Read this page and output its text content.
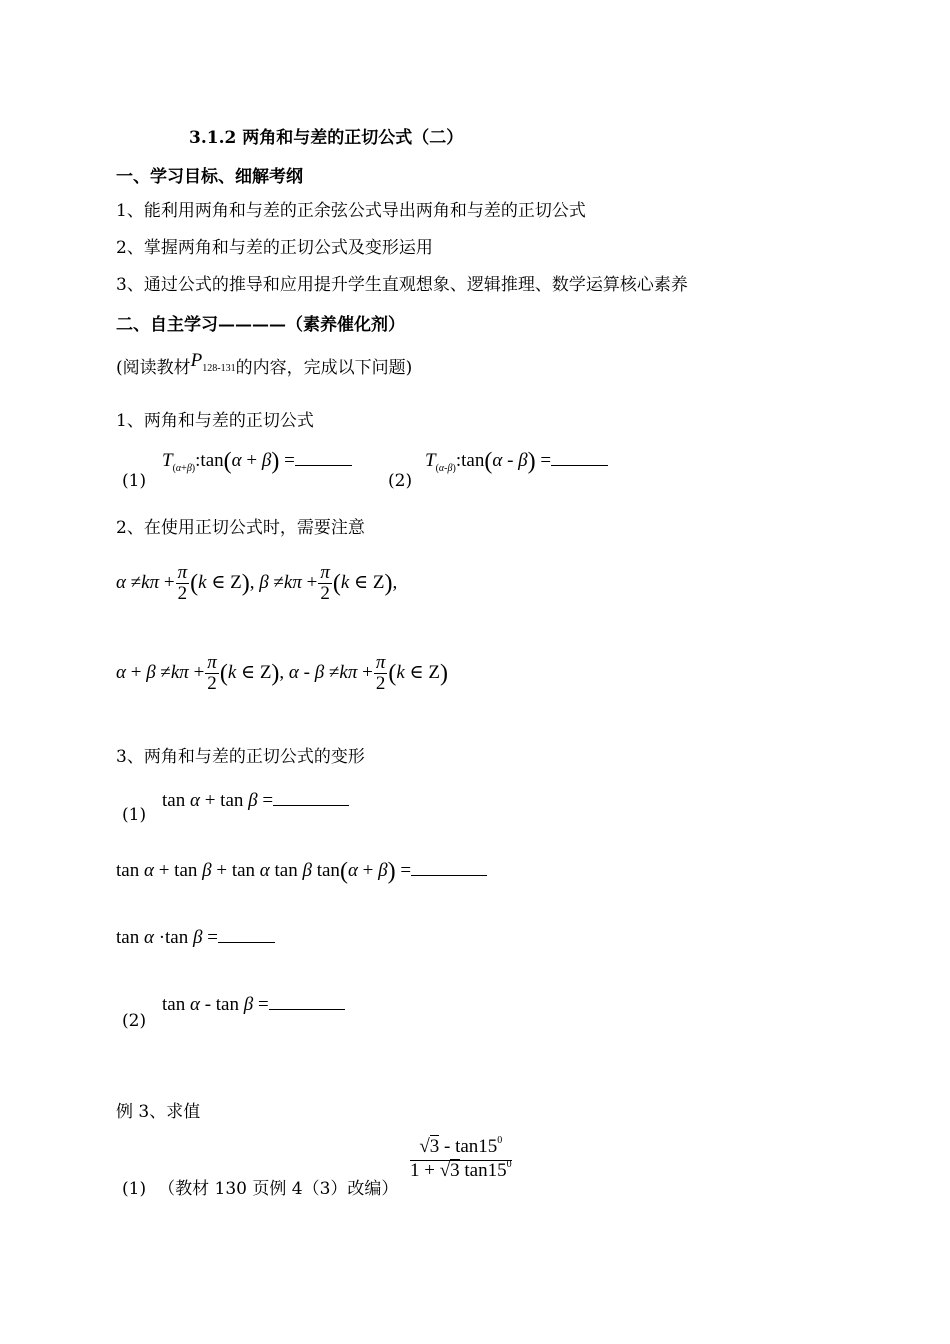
3.1.2 两角和与差的正切公式（二）
一、学习目标、细解考纲
1、能利用两角和与差的正余弦公式导出两角和与差的正切公式
2、掌握两角和与差的正切公式及变形运用
3、通过公式的推导和应用提升学生直观想象、逻辑推理、数学运算核心素养
二、自主学习————（素养催化剂）
(阅读教材P128-131的内容，完成以下问题)
1、两角和与差的正切公式
(1)
$T_{(\alpha+\beta)}:\tan(\alpha + \beta)$ =
(2)
$T_{(\alpha-\beta)}:\tan(\alpha - \beta)$ =
2、在使用正切公式时，需要注意
$\alpha \ne k\pi + \frac{\pi}{2} (k$ ∈ Z), $\beta \ne k\pi + \frac{\pi}{2} (k$ ∈ Z),
$\alpha + \beta \ne k\pi + \frac{\pi}{2} (k$ ∈ Z), $\alpha - \beta \ne k\pi + \frac{\pi}{2} (k$ ∈ Z)
3、两角和与差的正切公式的变形
(1)
tan α + tan β =
tan α + tan β + tan α tan β tan(α + β) =
tan α ·tan β =
(2)
tan α - tan β =
例 3、求值
(1) （教材 130 页例 4（3）改编）
$\frac{√3 - \tan 15^0}{1 + √3 \tan 15^0}$
